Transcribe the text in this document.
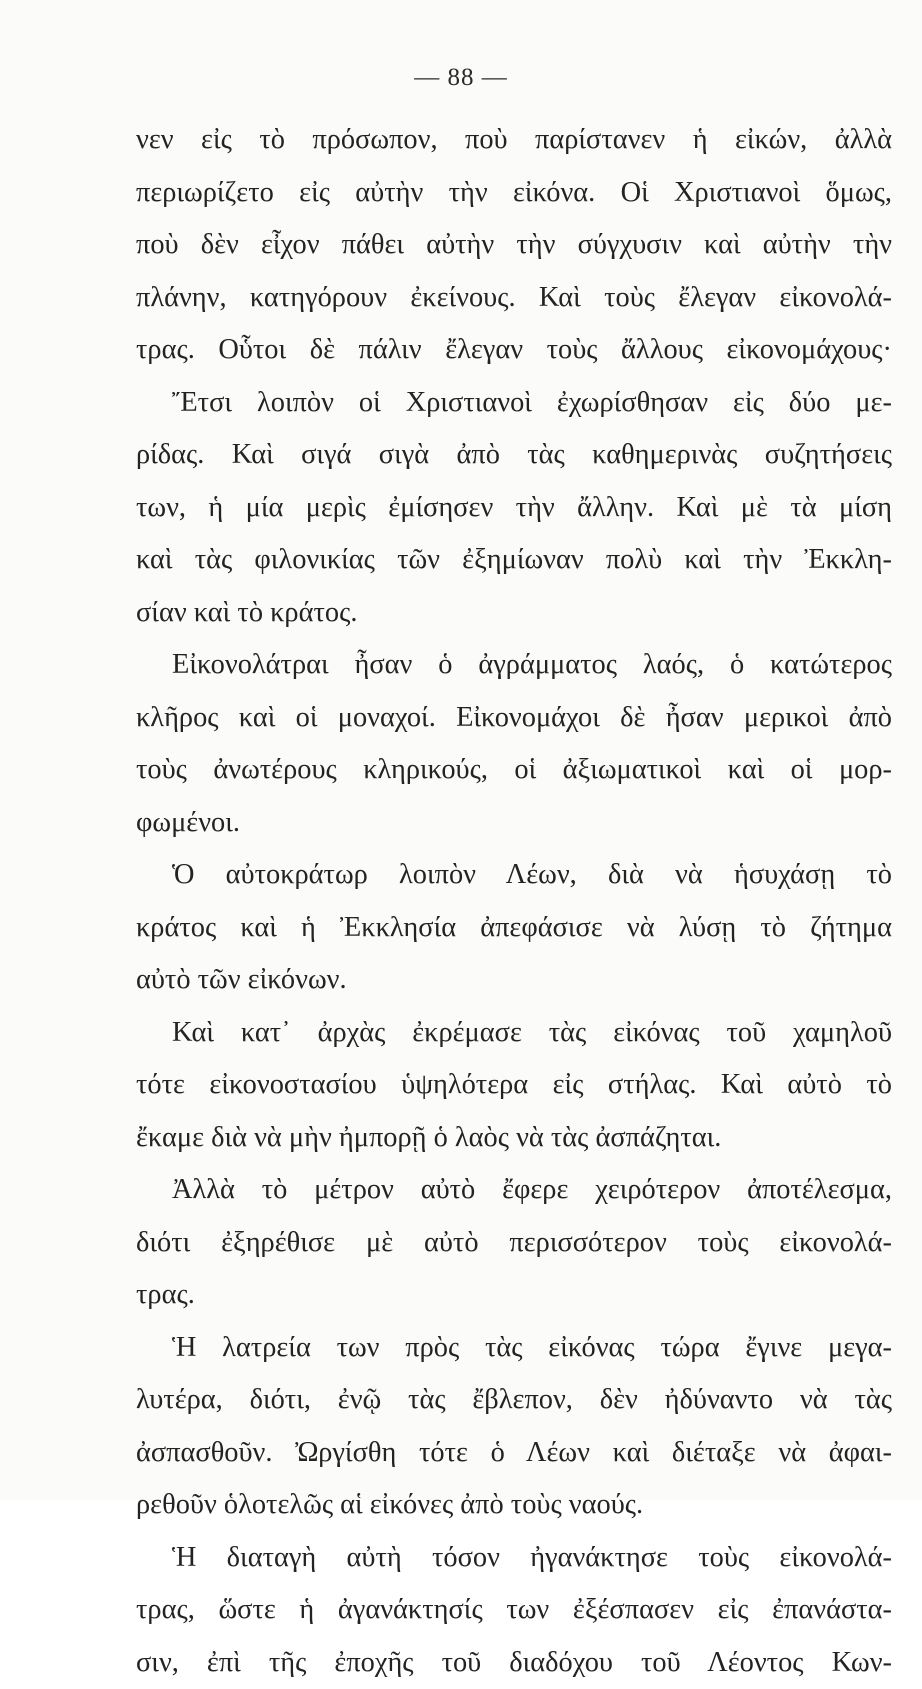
— 88 —
νεν εἰς τὸ πρόσωπον, ποὺ παρίστανεν ἡ εἰκών, ἀλλὰ
περιωρίζετο εἰς αὐτὴν τὴν εἰκόνα. Οἱ Χριστιανοὶ ὅμως,
ποὺ δὲν εἶχον πάθει αὐτὴν τὴν σύγχυσιν καὶ αὐτὴν τὴν
πλάνην, κατηγόρουν ἐκείνους. Καὶ τοὺς ἔλεγαν εἰκονολά-
τρας. Οὗτοι δὲ πάλιν ἔλεγαν τοὺς ἄλλους εἰκονομάχους·
Ἔτσι λοιπὸν οἱ Χριστιανοὶ ἐχωρίσθησαν εἰς δύο με-
ρίδας. Καὶ σιγά σιγὰ ἀπὸ τὰς καθημερινὰς συζητήσεις
των, ἡ μία μερὶς ἐμίσησεν τὴν ἄλλην. Καὶ μὲ τὰ μίση
καὶ τὰς φιλονικίας τῶν ἐξημίωναν πολὺ καὶ τὴν Ἐκκλη-
σίαν καὶ τὸ κράτος.
Εἰκονολάτραι ἦσαν ὁ ἀγράμματος λαός, ὁ κατώτερος
κλῆρος καὶ οἱ μοναχοί. Εἰκονομάχοι δὲ ἦσαν μερικοὶ ἀπὸ
τοὺς ἀνωτέρους κληρικούς, οἱ ἀξιωματικοὶ καὶ οἱ μορ-
φωμένοι.
Ὁ αὐτοκράτωρ λοιπὸν Λέων, διὰ νὰ ἡσυχάσῃ τὸ
κράτος καὶ ἡ Ἐκκλησία ἀπεφάσισε νὰ λύσῃ τὸ ζήτημα
αὐτὸ τῶν εἰκόνων.
Καὶ κατ᾽ ἀρχὰς ἐκρέμασε τὰς εἰκόνας τοῦ χαμηλοῦ
τότε εἰκονοστασίου ὑψηλότερα εἰς στήλας. Καὶ αὐτὸ τὸ
ἔκαμε διὰ νὰ μὴν ἠμπορῇ ὁ λαὸς νὰ τὰς ἀσπάζηται.
Ἀλλὰ τὸ μέτρον αὐτὸ ἔφερε χειρότερον ἀποτέλεσμα,
διότι ἐξηρέθισε μὲ αὐτὸ περισσότερον τοὺς εἰκονολά-
τρας.
Ἡ λατρεία των πρὸς τὰς εἰκόνας τώρα ἔγινε μεγα-
λυτέρα, διότι, ἐνῷ τὰς ἔβλεπον, δὲν ἠδύναντο νὰ τὰς
ἀσπασθοῦν. Ὠργίσθη τότε ὁ Λέων καὶ διέταξε νὰ ἀφαι-
ρεθοῦν ὁλοτελῶς αἱ εἰκόνες ἀπὸ τοὺς ναούς.
Ἡ διαταγὴ αὐτὴ τόσον ἠγανάκτησε τοὺς εἰκονολά-
τρας, ὥστε ἡ ἀγανάκτησίς των ἐξέσπασεν εἰς ἐπανάστα-
σιν, ἐπὶ τῆς ἐποχῆς τοῦ διαδόχου τοῦ Λέοντος Κων-
